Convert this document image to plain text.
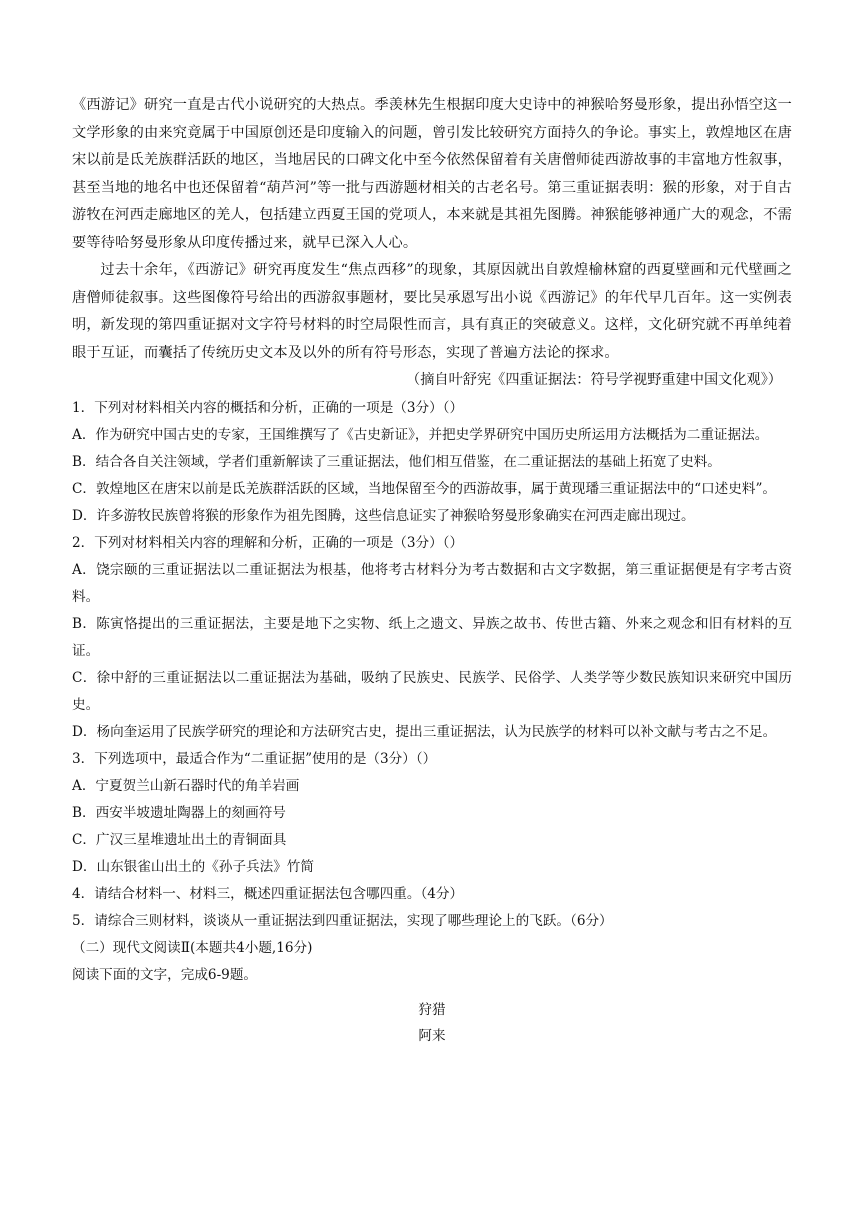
《西游记》研究一直是古代小说研究的大热点。季羡林先生根据印度大史诗中的神猴哈努曼形象，提出孙悟空这一文学形象的由来究竟属于中国原创还是印度输入的问题，曾引发比较研究方面持久的争论。事实上，敦煌地区在唐宋以前是氐羌族群活跃的地区，当地居民的口碑文化中至今依然保留着有关唐僧师徒西游故事的丰富地方性叙事，甚至当地的地名中也还保留着“葫芦河”等一批与西游题材相关的古老名号。第三重证据表明：猴的形象，对于自古游牧在河西走廊地区的羌人，包括建立西夏王国的党项人，本来就是其祖先图腾。神猴能够神通广大的观念，不需要等待哈努曼形象从印度传播过来，就早已深入人心。

过去十余年，《西游记》研究再度发生“焦点西移”的现象，其原因就出自敦煌榆林窟的西夏壁画和元代壁画之唐僧师徒叙事。这些图像符号给出的西游叙事题材，要比吴承恩写出小说《西游记》的年代早几百年。这一实例表明，新发现的第四重证据对文字符号材料的时空局限性而言，具有真正的突破意义。这样，文化研究就不再单纯着眼于互证，而囊括了传统历史文本及以外的所有符号形态，实现了普遍方法论的探求。

（摘自叶舒宪《四重证据法：符号学视野重建中国文化观》）

1．下列对材料相关内容的概括和分析，正确的一项是（3分）（）

A．作为研究中国古史的专家，王国维撰写了《古史新证》，并把史学界研究中国历史所运用方法概括为二重证据法。

B．结合各自关注领域，学者们重新解读了三重证据法，他们相互借鉴，在二重证据法的基础上拓宽了史料。

C．敦煌地区在唐宋以前是氐羌族群活跃的区域，当地保留至今的西游故事，属于黄现璠三重证据法中的“口述史料”。

D．许多游牧民族曾将猴的形象作为祖先图腾，这些信息证实了神猴哈努曼形象确实在河西走廊出现过。

2．下列对材料相关内容的理解和分析，正确的一项是（3分）（）

A．饶宗颐的三重证据法以二重证据法为根基，他将考古材料分为考古数据和古文字数据，第三重证据便是有字考古资料。

B．陈寅恪提出的三重证据法，主要是地下之实物、纸上之遗文、异族之故书、传世古籍、外来之观念和旧有材料的互证。

C．徐中舒的三重证据法以二重证据法为基础，吸纳了民族史、民族学、民俗学、人类学等少数民族知识来研究中国历史。

D．杨向奎运用了民族学研究的理论和方法研究古史，提出三重证据法，认为民族学的材料可以补文献与考古之不足。

3．下列选项中，最适合作为“二重证据”使用的是（3分）（）

A．宁夏贺兰山新石器时代的角羊岩画

B．西安半坡遗址陶器上的刻画符号

C．广汉三星堆遗址出土的青铜面具

D．山东银雀山出土的《孙子兵法》竹简

4．请结合材料一、材料三，概述四重证据法包含哪四重。（4分）

5．请综合三则材料，谈谈从一重证据法到四重证据法，实现了哪些理论上的飞跃。（6分）

（二）现代文阅读Ⅱ(本题共4小题,16分)

阅读下面的文字，完成6-9题。

狩猎

阿来
